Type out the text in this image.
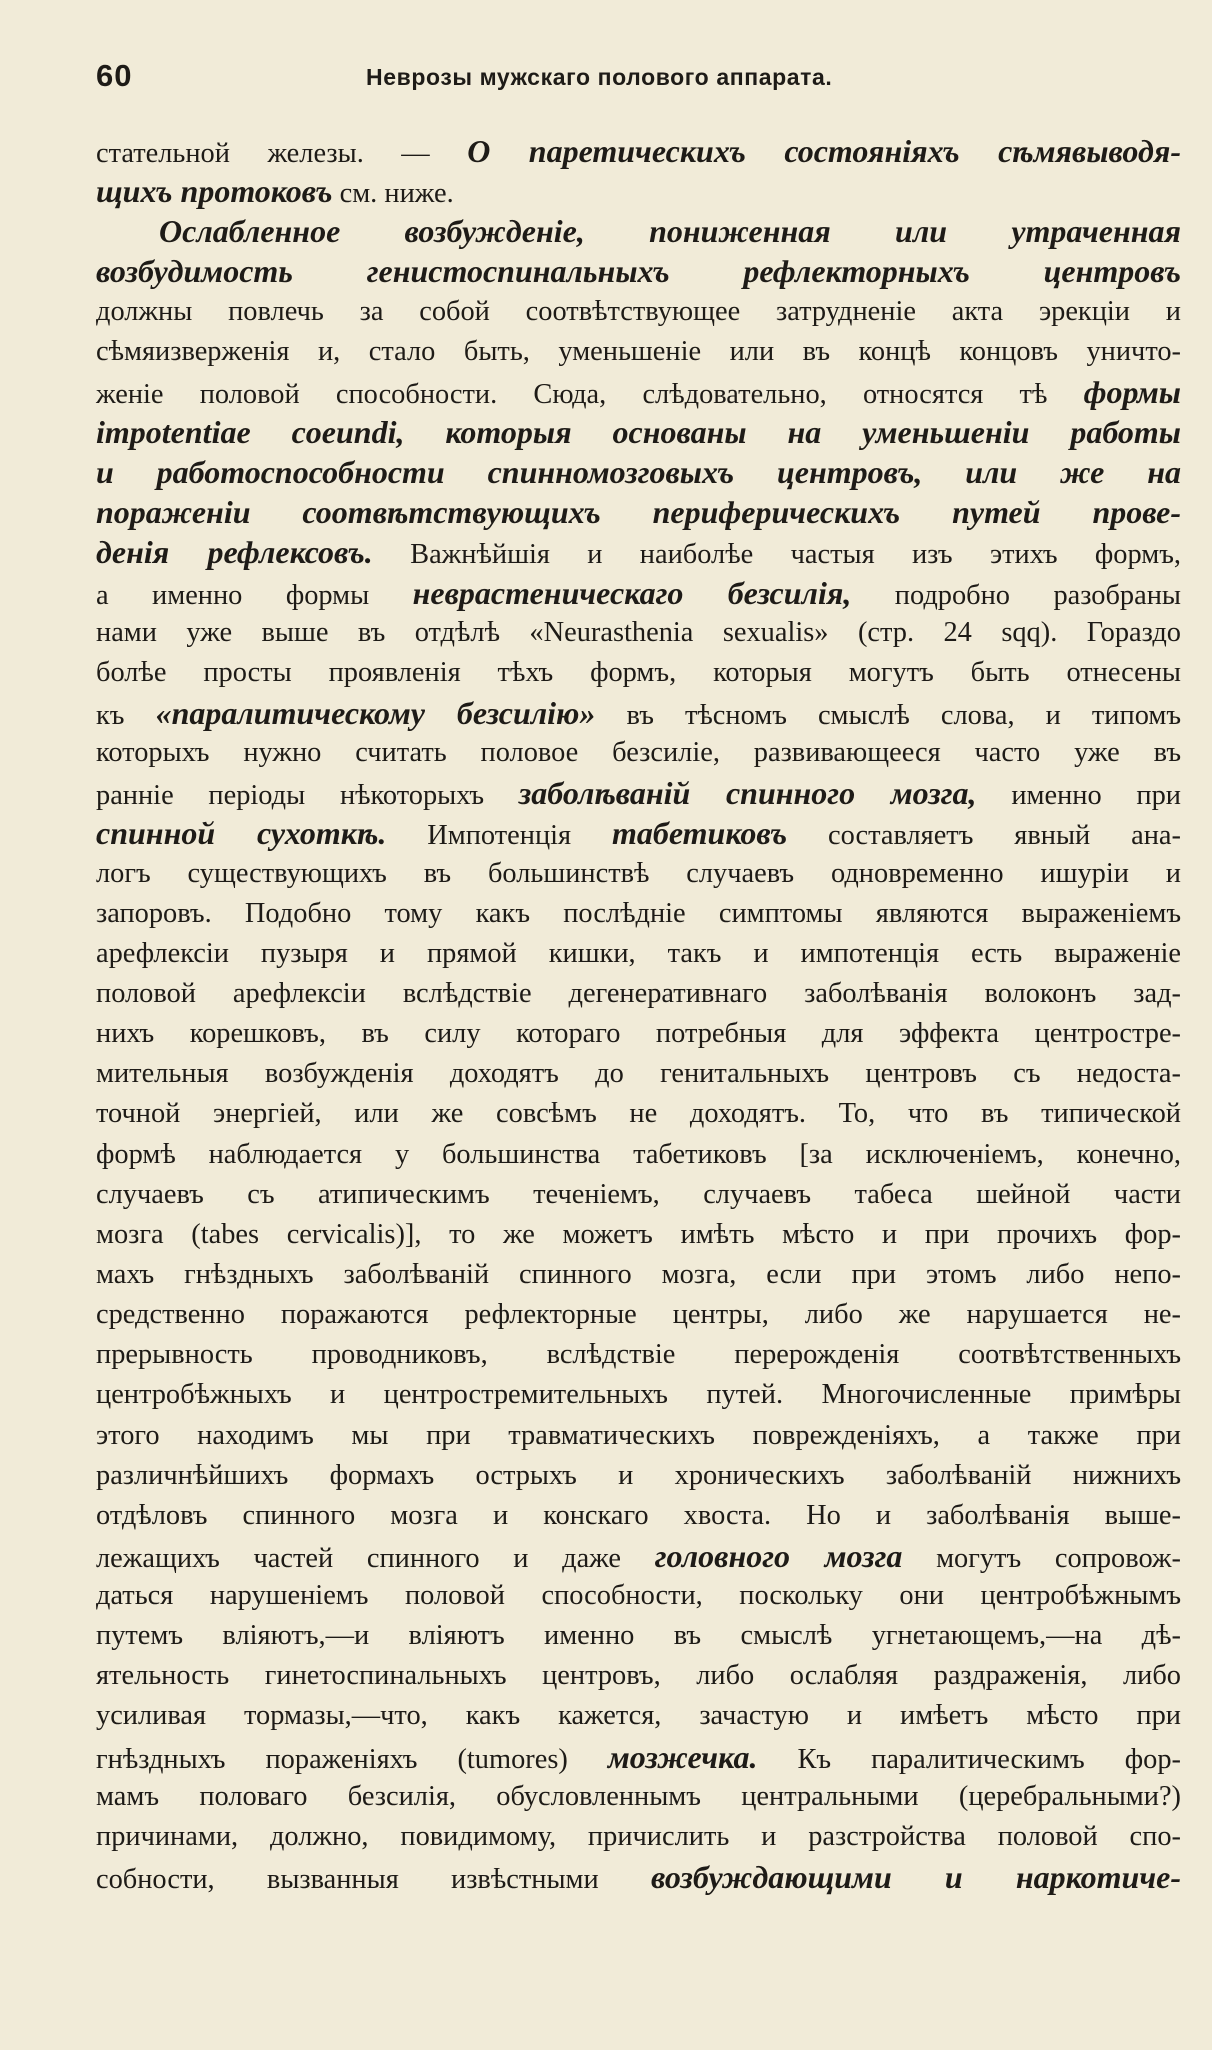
60	Неврозы мужскаго полового аппарата.
стательной железы. — О паретическихъ состояніяхъ сѣмявыводя-
щихъ протоковъ см. ниже.
Ослабленное возбужденіе, пониженная или утраченная
возбудимость генистоспинальныхъ рефлекторныхъ центровъ
должны повлечь за собой соотвѣтствующее затрудненіе акта эрекціи и
сѣмяизверженія и, стало быть, уменьшеніе или въ концѣ концовъ уничто-
женіе половой способности. Сюда, слѣдовательно, относятся тѣ формы
impotentiae coeundi, которыя основаны на уменьшеніи работы
и работоспособности спинномозговыхъ центровъ, или же на
пораженіи соотвѣтствующихъ периферическихъ путей прове-
денія рефлексовъ. Важнѣйшія и наиболѣе частыя изъ этихъ формъ,
а именно формы неврастеническаго безсилія, подробно разобраны
нами уже выше въ отдѣлѣ «Neurasthenia sexualis» (стр. 24 sqq). Гораздо
болѣе просты проявленія тѣхъ формъ, которыя могутъ быть отнесены
къ «паралитическому безсилію» въ тѣсномъ смыслѣ слова, и типомъ
которыхъ нужно считать половое безсиліе, развивающееся часто уже въ
ранніе періоды нѣкоторыхъ заболѣваній спинного мозга, именно при
спинной сухоткѣ. Импотенція табетиковъ составляетъ явный ана-
логъ существующихъ въ большинствѣ случаевъ одновременно ишуріи и
запоровъ. Подобно тому какъ послѣдніе симптомы являются выраженіемъ
арефлексіи пузыря и прямой кишки, такъ и импотенція есть выраженіе
половой арефлексіи вслѣдствіе дегенеративнаго заболѣванія волоконъ зад-
нихъ корешковъ, въ силу котораго потребныя для эффекта центростре-
мительныя возбужденія доходятъ до генитальныхъ центровъ съ недоста-
точной энергіей, или же совсѣмъ не доходятъ. То, что въ типической
формѣ наблюдается у большинства табетиковъ [за исключеніемъ, конечно,
случаевъ съ атипическимъ теченіемъ, случаевъ табеса шейной части
мозга (tabes cervicalis)], то же можетъ имѣть мѣсто и при прочихъ фор-
махъ гнѣздныхъ заболѣваній спинного мозга, если при этомъ либо непо-
средственно поражаются рефлекторные центры, либо же нарушается не-
прерывность проводниковъ, вслѣдствіе перерожденія соотвѣтственныхъ
центробѣжныхъ и центростремительныхъ путей. Многочисленные примѣры
этого находимъ мы при травматическихъ поврежденіяхъ, а также при
различнѣйшихъ формахъ острыхъ и хроническихъ заболѣваній нижнихъ
отдѣловъ спинного мозга и конскаго хвоста. Но и заболѣванія выше-
лежащихъ частей спинного и даже головного мозга могутъ сопровож-
даться нарушеніемъ половой способности, поскольку они центробѣжнымъ
путемъ вліяютъ,—и вліяютъ именно въ смыслѣ угнетающемъ,—на дѣ-
ятельность гинетоспинальныхъ центровъ, либо ослабляя раздраженія, либо
усиливая тормазы,—что, какъ кажется, зачастую и имѣетъ мѣсто при
гнѣздныхъ пораженіяхъ (tumores) мозжечка. Къ паралитическимъ фор-
мамъ половаго безсилія, обусловленнымъ центральными (церебральными?)
причинами, должно, повидимому, причислить и разстройства половой спо-
собности, вызванныя извѣстными возбуждающими и наркотиче-
